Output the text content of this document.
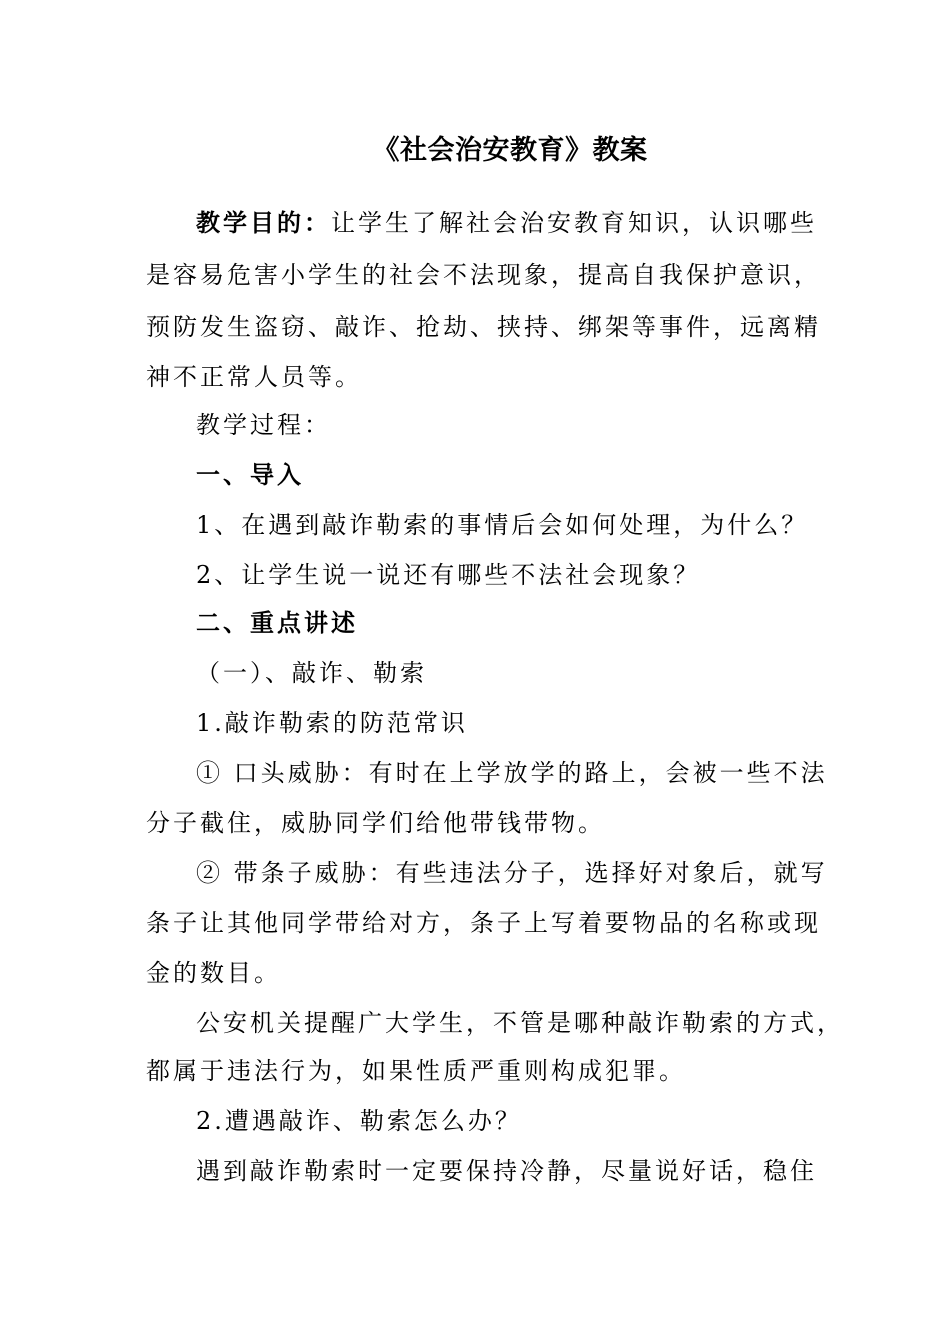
《社会治安教育》教案
教学目的：让学生了解社会治安教育知识，认识哪些
是容易危害小学生的社会不法现象，提高自我保护意识，
预防发生盗窃、敲诈、抢劫、挟持、绑架等事件，远离精
神不正常人员等。
教学过程：
一、导入
1、在遇到敲诈勒索的事情后会如何处理，为什么？
2、让学生说一说还有哪些不法社会现象？
二、重点讲述
（一）、敲诈、勒索
1.敲诈勒索的防范常识
① 口头威胁：有时在上学放学的路上，会被一些不法
分子截住，威胁同学们给他带钱带物。
② 带条子威胁：有些违法分子，选择好对象后，就写
条子让其他同学带给对方，条子上写着要物品的名称或现
金的数目。
公安机关提醒广大学生，不管是哪种敲诈勒索的方式，
都属于违法行为，如果性质严重则构成犯罪。
2.遭遇敲诈、勒索怎么办？
遇到敲诈勒索时一定要保持冷静，尽量说好话，稳住
